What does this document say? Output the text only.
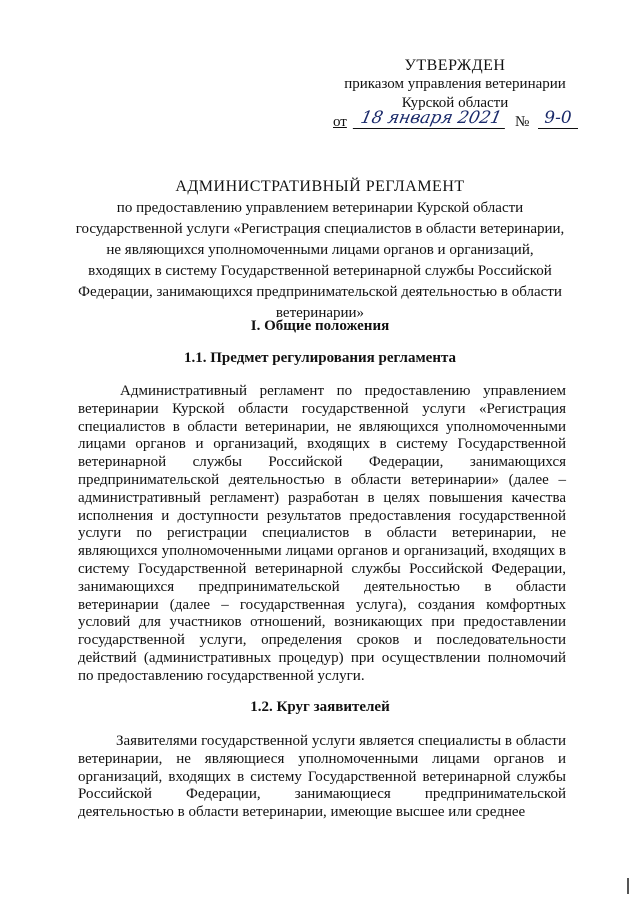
УТВЕРЖДЕН
приказом управления ветеринарии
Курской области
от 18 января 2021 № 9-0
АДМИНИСТРАТИВНЫЙ РЕГЛАМЕНТ
по предоставлению управлением ветеринарии Курской области государственной услуги «Регистрация специалистов в области ветеринарии, не являющихся уполномоченными лицами органов и организаций, входящих в систему Государственной ветеринарной службы Российской Федерации, занимающихся предпринимательской деятельностью в области ветеринарии»
I. Общие положения
1.1. Предмет регулирования регламента

Административный регламент по предоставлению управлением ветеринарии Курской области государственной услуги «Регистрация специалистов в области ветеринарии, не являющихся уполномоченными лицами органов и организаций, входящих в систему Государственной ветеринарной службы Российской Федерации, занимающихся предпринимательской деятельностью в области ветеринарии» (далее – административный регламент) разработан в целях повышения качества исполнения и доступности результатов предоставления государственной услуги по регистрации специалистов в области ветеринарии, не являющихся уполномоченными лицами органов и организаций, входящих в систему Государственной ветеринарной службы Российской Федерации, занимающихся предпринимательской деятельностью в области ветеринарии (далее – государственная услуга), создания комфортных условий для участников отношений, возникающих при предоставлении государственной услуги, определения сроков и последовательности действий (административных процедур) при осуществлении полномочий по предоставлению государственной услуги.

1.2. Круг заявителей

Заявителями государственной услуги является специалисты в области ветеринарии, не являющиеся уполномоченными лицами органов и организаций, входящих в систему Государственной ветеринарной службы Российской Федерации, занимающиеся предпринимательской деятельностью в области ветеринарии, имеющие высшее или среднее
